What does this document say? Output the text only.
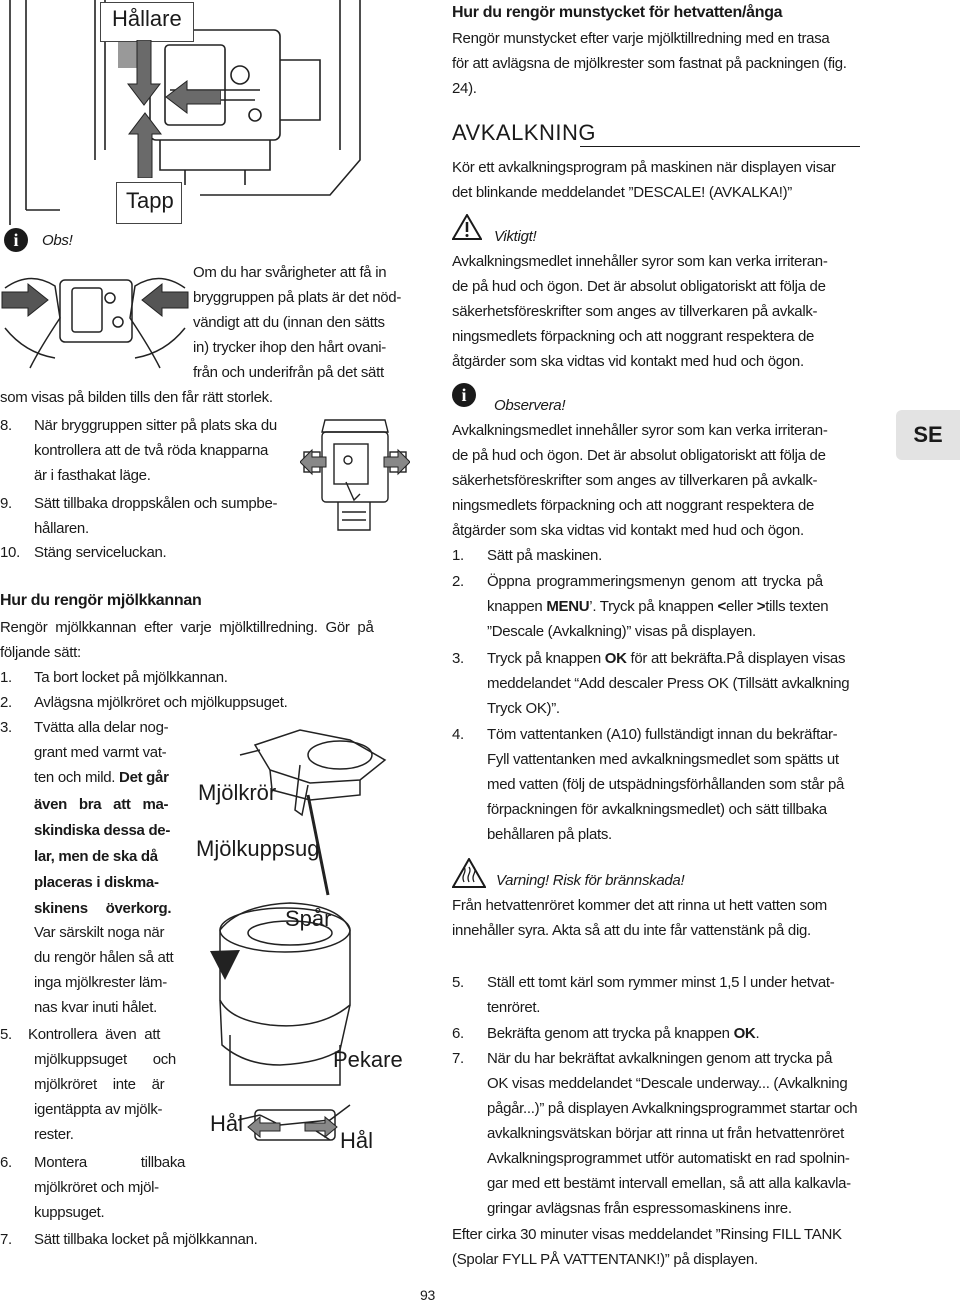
Hållare
Tapp
i	Obs!
Om du har svårigheter att få in
bryggruppen på plats är det nöd-
vändigt att du (innan den sätts
in) trycker ihop den hårt ovani-
från och underifrån på det sätt
som visas på bilden tills den får rätt storlek.
8. När bryggruppen sitter på plats ska du
kontrollera att de två röda knapparna
är i fasthakat läge.
9. Sätt tillbaka droppskålen och sumpbe-
hållaren.
10. Stäng serviceluckan.
Hur du rengör mjölkkannan
Rengör mjölkkannan efter varje mjölktillredning. Gör på
följande sätt:
1. Ta bort locket på mjölkkannan.
2. Avlägsna mjölkröret och mjölkuppsuget.
3. Tvätta alla delar nog-
grant med varmt vat-
ten och mild. Det går
även bra att ma-
skindiska dessa de-
lar, men de ska då
placeras i diskma-
skinens överkorg.
Var särskilt noga när
du rengör hålen så att
inga mjölkrester läm-
nas kvar inuti hålet.
5. Kontrollera även att
mjölkuppsuget och
mjölkröret inte är
igentäppta av mjölk-
rester.
6. Montera tillbaka
mjölkröret och mjöl-
kuppsuget.
7. Sätt tillbaka locket på mjölkkannan.
Mjölkrör
Mjölkuppsug
Spår
Pekare
Hål
Hål
93
Hur du rengör munstycket för hetvatten/ånga
Rengör munstycket efter varje mjölktillredning med en trasa
för att avlägsna de mjölkrester som fastnat på packningen (fig.
24).
AVKALKNING
Kör ett avkalkningsprogram på maskinen när displayen visar
det blinkande meddelandet ”DESCALE! (AVKALKA!)”
Viktigt!
Avkalkningsmedlet innehåller syror som kan verka irriteran-
de på hud och ögon. Det är absolut obligatoriskt att följa de
säkerhetsföreskrifter som anges av tillverkaren på avkalk-
ningsmedlets förpackning och att noggrant respektera de
åtgärder som ska vidtas vid kontakt med hud och ögon.
i
Observera!
Avkalkningsmedlet innehåller syror som kan verka irriteran-
de på hud och ögon. Det är absolut obligatoriskt att följa de
säkerhetsföreskrifter som anges av tillverkaren på avkalk-
ningsmedlets förpackning och att noggrant respektera de
åtgärder som ska vidtas vid kontakt med hud och ögon.
1. Sätt på maskinen.
2. Öppna programmeringsmenyn genom att trycka på
knappen MENU’. Tryck på knappen <eller >tills texten
”Descale (Avkalkning)” visas på displayen.
3. Tryck på knappen OK för att bekräfta.På displayen visas
meddelandet “Add descaler Press OK (Tillsätt avkalkning
Tryck OK)”.
4. Töm vattentanken (A10) fullständigt innan du bekräftar-
Fyll vattentanken med avkalkningsmedlet som spätts ut
med vatten (följ de utspädningsförhållanden som står på
förpackningen för avkalkningsmedlet) och sätt tillbaka
behållaren på plats.
Varning! Risk för brännskada!
Från hetvattenröret kommer det att rinna ut hett vatten som
innehåller syra. Akta så att du inte får vattenstänk på dig.
5. Ställ ett tomt kärl som rymmer minst 1,5 l under hetvat-
tenröret.
6. Bekräfta genom att trycka på knappen OK.
7. När du har bekräftat avkalkningen genom att trycka på
OK visas meddelandet “Descale underway... (Avkalkning
pågår...)” på displayen Avkalkningsprogrammet startar och
avkalkningsvätskan börjar att rinna ut från hetvattenröret
Avkalkningsprogrammet utför automatiskt en rad spolnin-
gar med ett bestämt intervall emellan, så att alla kalkavla-
gringar avlägsnas från espressomaskinens inre.
Efter cirka 30 minuter visas meddelandet ”Rinsing FILL TANK
(Spolar FYLL PÅ VATTENTANK!)” på displayen.
SE
